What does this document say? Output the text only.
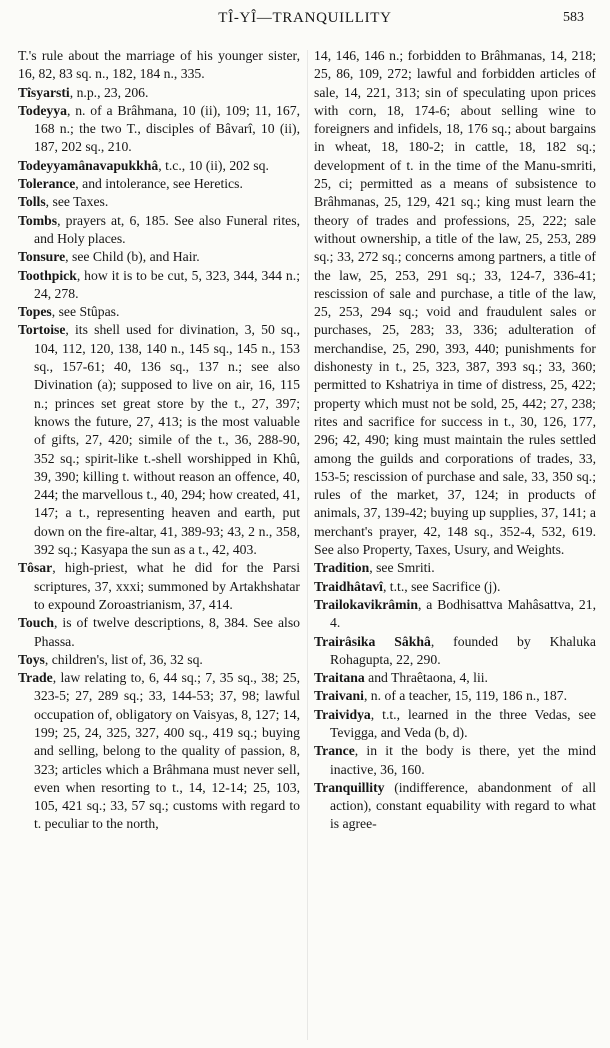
TÎ-YÎ—TRANQUILLITY	583

T.'s rule about the marriage of his younger sister, 16, 82, 83 sq. n., 182, 184 n., 335.

Tîsyarsti, n.p., 23, 206.

Todeyya, n. of a Brâhmana, 10 (ii), 109; 11, 167, 168 n.; the two T., disciples of Bâvarî, 10 (ii), 187, 202 sq., 210.

Todeyyamânavapukkhâ, t.c., 10 (ii), 202 sq.

Tolerance, and intolerance, see Heretics.

Tolls, see Taxes.

Tombs, prayers at, 6, 185. See also Funeral rites, and Holy places.

Tonsure, see Child (b), and Hair.

Toothpick, how it is to be cut, 5, 323, 344, 344 n.; 24, 278.

Topes, see Stûpas.

Tortoise, its shell used for divination, 3, 50 sq., 104, 112, 120, 138, 140 n., 145 sq., 145 n., 153 sq., 157-61; 40, 136 sq., 137 n.; see also Divination (a); supposed to live on air, 16, 115 n.; princes set great store by the t., 27, 397; knows the future, 27, 413; is the most valuable of gifts, 27, 420; simile of the t., 36, 288-90, 352 sq.; spirit-like t.-shell worshipped in Khû, 39, 390; killing t. without reason an offence, 40, 244; the marvellous t., 40, 294; how created, 41, 147; a t., representing heaven and earth, put down on the fire-altar, 41, 389-93; 43, 2 n., 358, 392 sq.; Kasyapa the sun as a t., 42, 403.

Tôsar, high-priest, what he did for the Parsi scriptures, 37, xxxi; summoned by Artakhshatar to expound Zoroastrianism, 37, 414.

Touch, is of twelve descriptions, 8, 384. See also Phassa.

Toys, children's, list of, 36, 32 sq.

Trade, law relating to, 6, 44 sq.; 7, 35 sq., 38; 25, 323-5; 27, 289 sq.; 33, 144-53; 37, 98; lawful occupation of, obligatory on Vaisyas, 8, 127; 14, 199; 25, 24, 325, 327, 400 sq., 419 sq.; buying and selling, belong to the quality of passion, 8, 323; articles which a Brâhmana must never sell, even when resorting to t., 14, 12-14; 25, 103, 105, 421 sq.; 33, 57 sq.; customs with regard to t. peculiar to the north,

14, 146, 146 n.; forbidden to Brâhmanas, 14, 218; 25, 86, 109, 272; lawful and forbidden articles of sale, 14, 221, 313; sin of speculating upon prices with corn, 18, 174-6; about selling wine to foreigners and infidels, 18, 176 sq.; about bargains in wheat, 18, 180-2; in cattle, 18, 182 sq.; development of t. in the time of the Manu-smriti, 25, ci; permitted as a means of subsistence to Brâhmanas, 25, 129, 421 sq.; king must learn the theory of trades and professions, 25, 222; sale without ownership, a title of the law, 25, 253, 289 sq.; 33, 272 sq.; concerns among partners, a title of the law, 25, 253, 291 sq.; 33, 124-7, 336-41; rescission of sale and purchase, a title of the law, 25, 253, 294 sq.; void and fraudulent sales or purchases, 25, 283; 33, 336; adulteration of merchandise, 25, 290, 393, 440; punishments for dishonesty in t., 25, 323, 387, 393 sq.; 33, 360; permitted to Kshatriya in time of distress, 25, 422; property which must not be sold, 25, 442; 27, 238; rites and sacrifice for success in t., 30, 126, 177, 296; 42, 490; king must maintain the rules settled among the guilds and corporations of trades, 33, 153-5; rescission of purchase and sale, 33, 350 sq.; rules of the market, 37, 124; in products of animals, 37, 139-42; buying up supplies, 37, 141; a merchant's prayer, 42, 148 sq., 352-4, 532, 619. See also Property, Taxes, Usury, and Weights.

Tradition, see Smriti.

Traidhâtavî, t.t., see Sacrifice (j).

Trailokavikrâmin, a Bodhisattva Mahâsattva, 21, 4.

Trairâsika Sâkhâ, founded by Khaluka Rohagupta, 22, 290.

Traitana and Thraêtaona, 4, lii.

Traivani, n. of a teacher, 15, 119, 186 n., 187.

Traividya, t.t., learned in the three Vedas, see Tevigga, and Veda (b, d).

Trance, in it the body is there, yet the mind inactive, 36, 160.

Tranquillity (indifference, abandonment of all action), constant equability with regard to what is agree-
